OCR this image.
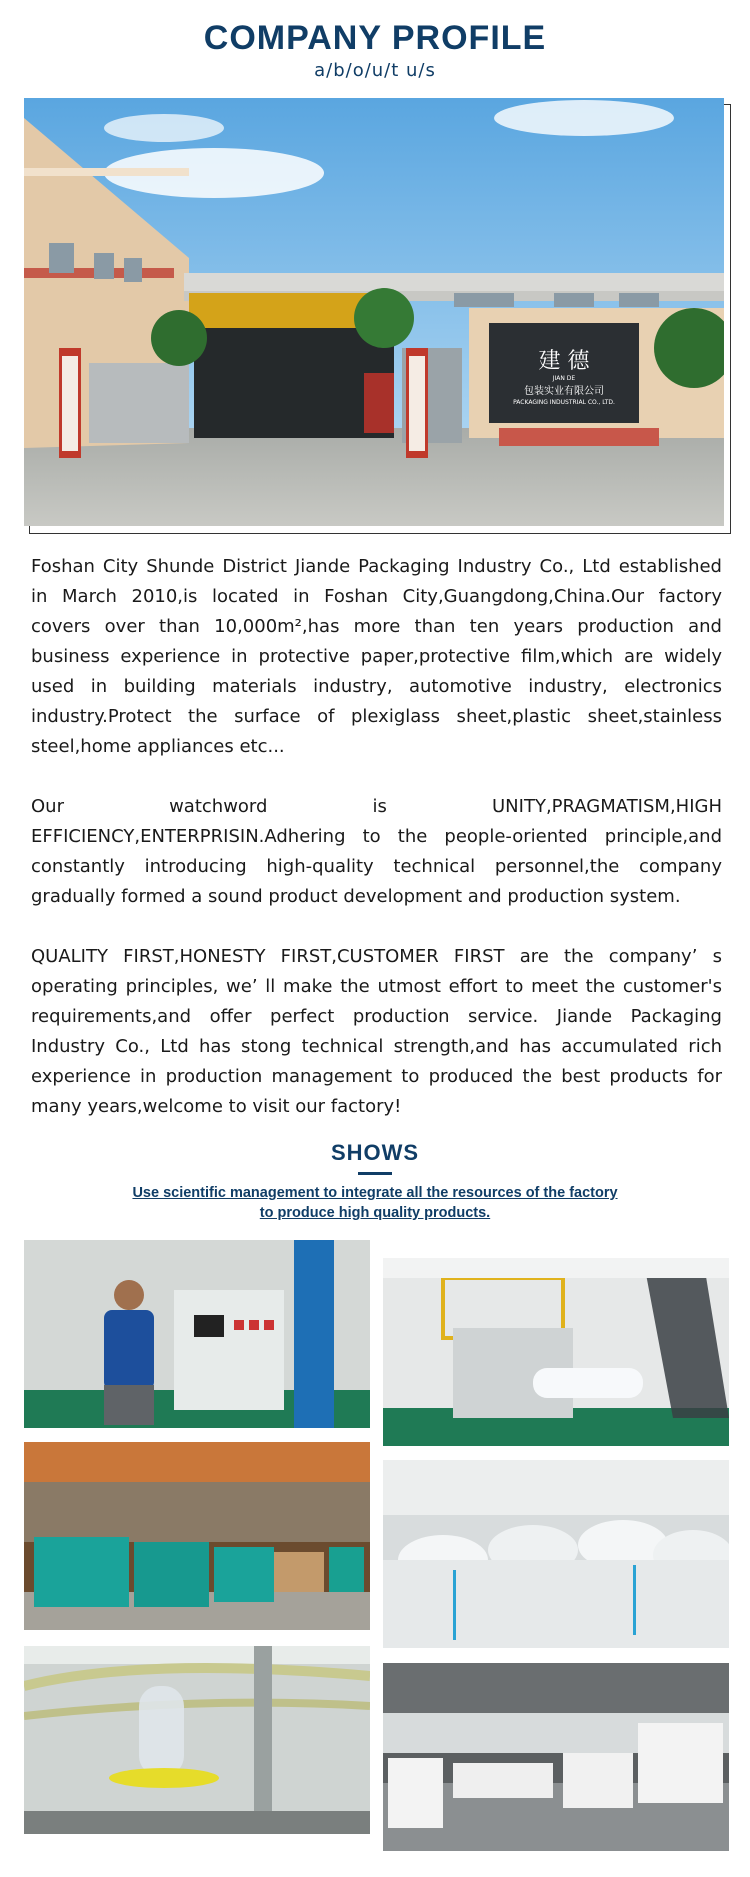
COMPANY PROFILE
a/b/o/u/t u/s
建 德
JIAN DE
包装实业有限公司
PACKAGING INDUSTRIAL CO., LTD.

Foshan City Shunde District Jiande Packaging Industry Co., Ltd established in March 2010,is located in Foshan City,Guangdong,China.Our factory covers over than 10,000m²,has more than ten years production and business experience in protective paper,protective film,which are widely used in building materials industry, automotive industry, electronics industry.Protect the surface of plexiglass sheet,plastic sheet,stainless steel,home appliances etc...

Our watchword is UNITY,PRAGMATISM,HIGH EFFICIENCY,ENTERPRISIN.Adhering to the people-oriented principle,and constantly introducing high-quality technical personnel,the company gradually formed a sound product development and production system.

QUALITY FIRST,HONESTY FIRST,CUSTOMER FIRST are the company’ s operating principles, we’ ll make the utmost effort to meet the customer's requirements,and offer perfect production service. Jiande Packaging Industry Co., Ltd has stong technical strength,and has accumulated rich experience in production management to produced the best products for many years,welcome to visit our factory!

SHOWS
Use scientific management to integrate all the resources of the factory
to produce high quality products.
